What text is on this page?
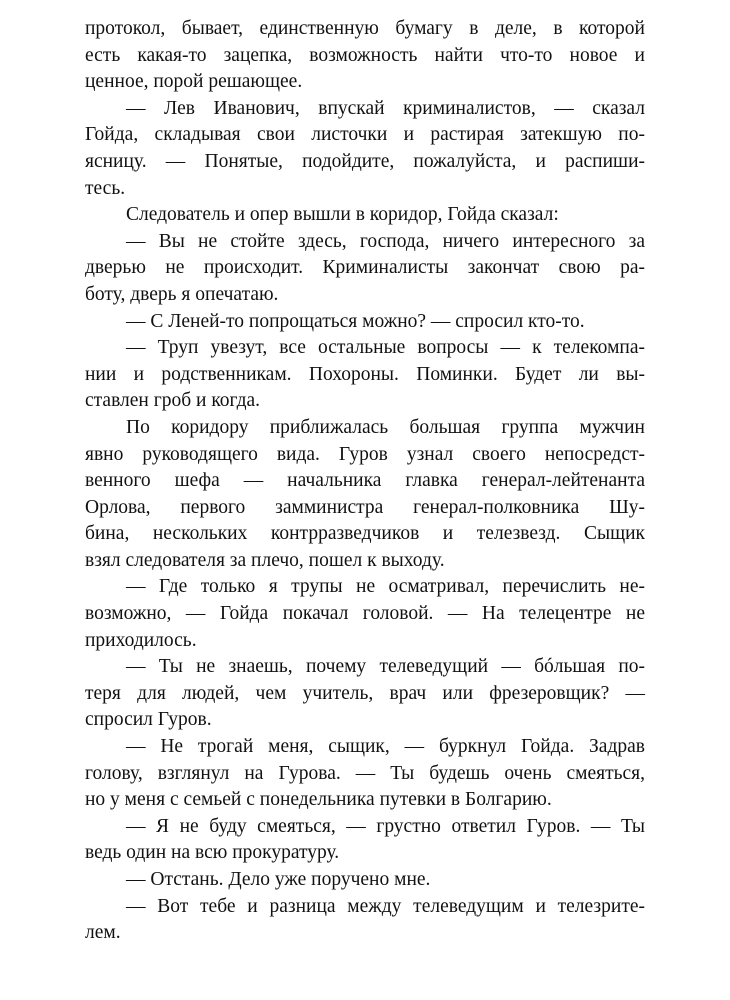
протокол, бывает, единственную бумагу в деле, в которой
есть какая-то зацепка, возможность найти что-то новое и
ценное, порой решающее.
— Лев Иванович, впускай криминалистов, — сказал
Гойда, складывая свои листочки и растирая затекшую по-
ясницу. — Понятые, подойдите, пожалуйста, и распиши-
тесь.
Следователь и опер вышли в коридор, Гойда сказал:
— Вы не стойте здесь, господа, ничего интересного за
дверью не происходит. Криминалисты закончат свою ра-
боту, дверь я опечатаю.
— С Леней-то попрощаться можно? — спросил кто-то.
— Труп увезут, все остальные вопросы — к телекомпа-
нии и родственникам. Похороны. Поминки. Будет ли вы-
ставлен гроб и когда.
По коридору приближалась большая группа мужчин
явно руководящего вида. Гуров узнал своего непосредст-
венного шефа — начальника главка генерал-лейтенанта
Орлова, первого замминистра генерал-полковника Шу-
бина, нескольких контрразведчиков и телезвезд. Сыщик
взял следователя за плечо, пошел к выходу.
— Где только я трупы не осматривал, перечислить не-
возможно, — Гойда покачал головой. — На телецентре не
приходилось.
— Ты не знаешь, почему телеведущий — бóльшая по-
теря для людей, чем учитель, врач или фрезеровщик? —
спросил Гуров.
— Не трогай меня, сыщик, — буркнул Гойда. Задрав
голову, взглянул на Гурова. — Ты будешь очень смеяться,
но у меня с семьей с понедельника путевки в Болгарию.
— Я не буду смеяться, — грустно ответил Гуров. — Ты
ведь один на всю прокуратуру.
— Отстань. Дело уже поручено мне.
— Вот тебе и разница между телеведущим и телезрите-
лем.
